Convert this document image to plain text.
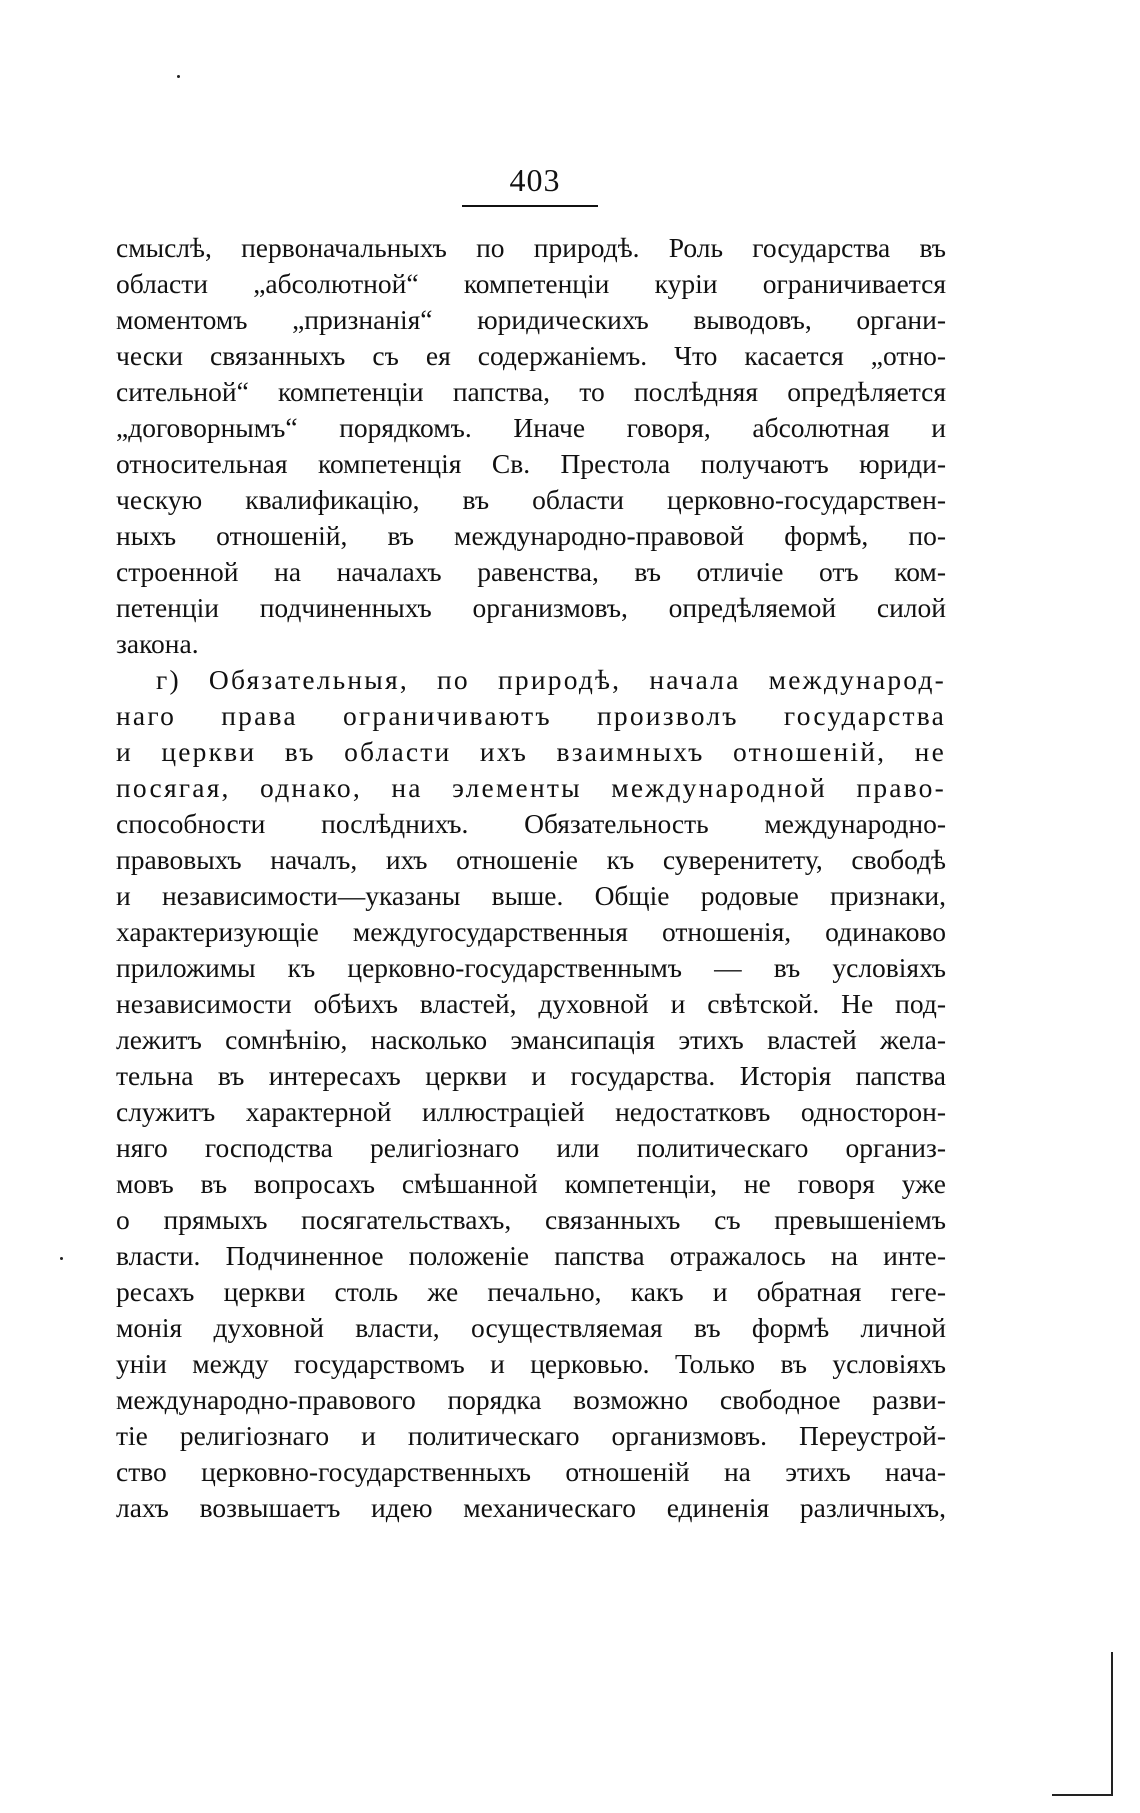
403
смыслѣ, первоначальныхъ по природѣ. Роль государства въ
области „абсолютной“ компетенціи куріи ограничивается
моментомъ „признанія“ юридическихъ выводовъ, органи-
чески связанныхъ съ ея содержаніемъ. Что касается „отно-
сительной“ компетенціи папства, то послѣдняя опредѣляется
„договорнымъ“ порядкомъ. Иначе говоря, абсолютная и
относительная компетенція Св. Престола получаютъ юриди-
ческую квалификацію, въ области церковно-государствен-
ныхъ отношеній, въ международно-правовой формѣ, по-
строенной на началахъ равенства, въ отличіе отъ ком-
петенціи подчиненныхъ организмовъ, опредѣляемой силой
закона.
г) Обязательныя, по природѣ, начала международ-
наго права ограничиваютъ произволъ государства
и церкви въ области ихъ взаимныхъ отношеній, не
посягая, однако, на элементы международной право-
способности послѣднихъ. Обязательность международно-
правовыхъ началъ, ихъ отношеніе къ суверенитету, свободѣ
и независимости—указаны выше. Общіе родовые признаки,
характеризующіе междугосударственныя отношенія, одинаково
приложимы къ церковно-государственнымъ — въ условіяхъ
независимости обѣихъ властей, духовной и свѣтской. Не под-
лежитъ сомнѣнію, насколько эмансипація этихъ властей жела-
тельна въ интересахъ церкви и государства. Исторія папства
служитъ характерной иллюстраціей недостатковъ односторон-
няго господства религіознаго или политическаго организ-
мовъ въ вопросахъ смѣшанной компетенціи, не говоря уже
о прямыхъ посягательствахъ, связанныхъ съ превышеніемъ
власти. Подчиненное положеніе папства отражалось на инте-
ресахъ церкви столь же печально, какъ и обратная геге-
монія духовной власти, осуществляемая въ формѣ личной
уніи между государствомъ и церковью. Только въ условіяхъ
международно-правового порядка возможно свободное разви-
тіе религіознаго и политическаго организмовъ. Переустрой-
ство церковно-государственныхъ отношеній на этихъ нача-
лахъ возвышаетъ идею механическаго единенія различныхъ,
